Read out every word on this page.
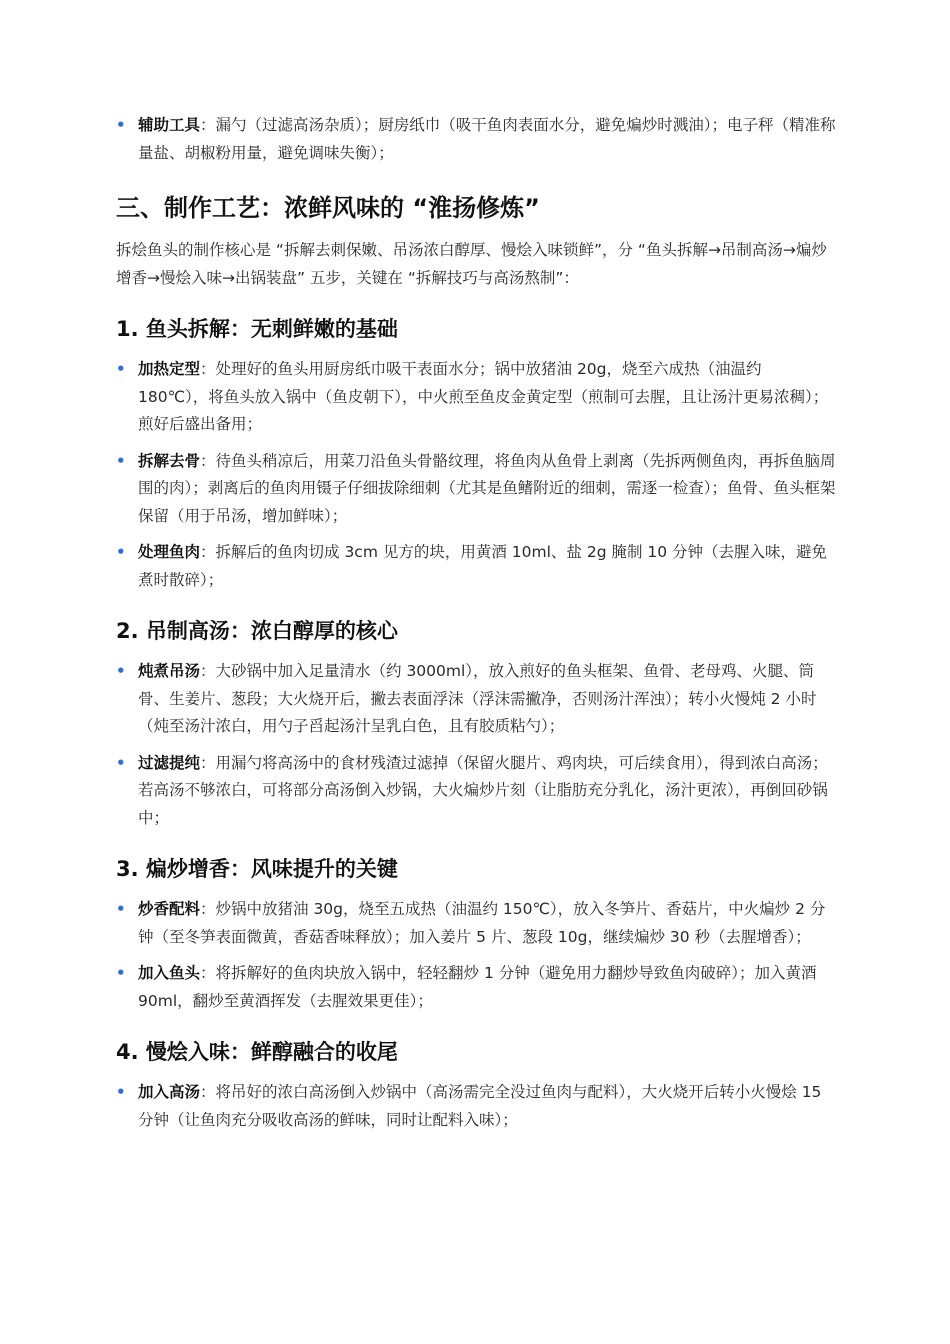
• 辅助工具：漏勺（过滤高汤杂质）；厨房纸巾（吸干鱼肉表面水分，避免煸炒时溅油）；电子秤（精准称量盐、胡椒粉用量，避免调味失衡）；
三、制作工艺：浓鲜风味的 “淮扬修炼”

拆烩鱼头的制作核心是 “拆解去刺保嫩、吊汤浓白醇厚、慢烩入味锁鲜”，分 “鱼头拆解→吊制高汤→煸炒增香→慢烩入味→出锅装盘” 五步，关键在 “拆解技巧与高汤熬制”：

1. 鱼头拆解：无刺鲜嫩的基础
• 加热定型：处理好的鱼头用厨房纸巾吸干表面水分；锅中放猪油 20g，烧至六成热（油温约 180℃），将鱼头放入锅中（鱼皮朝下），中火煎至鱼皮金黄定型（煎制可去腥，且让汤汁更易浓稠）；煎好后盛出备用；
• 拆解去骨：待鱼头稍凉后，用菜刀沿鱼头骨骼纹理，将鱼肉从鱼骨上剥离（先拆两侧鱼肉，再拆鱼脑周围的肉）；剥离后的鱼肉用镊子仔细拔除细刺（尤其是鱼鳍附近的细刺，需逐一检查）；鱼骨、鱼头框架保留（用于吊汤，增加鲜味）；
• 处理鱼肉：拆解后的鱼肉切成 3cm 见方的块，用黄酒 10ml、盐 2g 腌制 10 分钟（去腥入味，避免煮时散碎）；
2. 吊制高汤：浓白醇厚的核心
• 炖煮吊汤：大砂锅中加入足量清水（约 3000ml），放入煎好的鱼头框架、鱼骨、老母鸡、火腿、筒骨、生姜片、葱段；大火烧开后，撇去表面浮沫（浮沫需撇净，否则汤汁浑浊）；转小火慢炖 2 小时（炖至汤汁浓白，用勺子舀起汤汁呈乳白色，且有胶质粘勺）；
• 过滤提纯：用漏勺将高汤中的食材残渣过滤掉（保留火腿片、鸡肉块，可后续食用），得到浓白高汤；若高汤不够浓白，可将部分高汤倒入炒锅，大火煸炒片刻（让脂肪充分乳化，汤汁更浓），再倒回砂锅中；
3. 煸炒增香：风味提升的关键
• 炒香配料：炒锅中放猪油 30g，烧至五成热（油温约 150℃），放入冬笋片、香菇片，中火煸炒 2 分钟（至冬笋表面微黄，香菇香味释放）；加入姜片 5 片、葱段 10g，继续煸炒 30 秒（去腥增香）；
• 加入鱼头：将拆解好的鱼肉块放入锅中，轻轻翻炒 1 分钟（避免用力翻炒导致鱼肉破碎）；加入黄酒 90ml，翻炒至黄酒挥发（去腥效果更佳）；
4. 慢烩入味：鲜醇融合的收尾
• 加入高汤：将吊好的浓白高汤倒入炒锅中（高汤需完全没过鱼肉与配料），大火烧开后转小火慢烩 15 分钟（让鱼肉充分吸收高汤的鲜味，同时让配料入味）；
